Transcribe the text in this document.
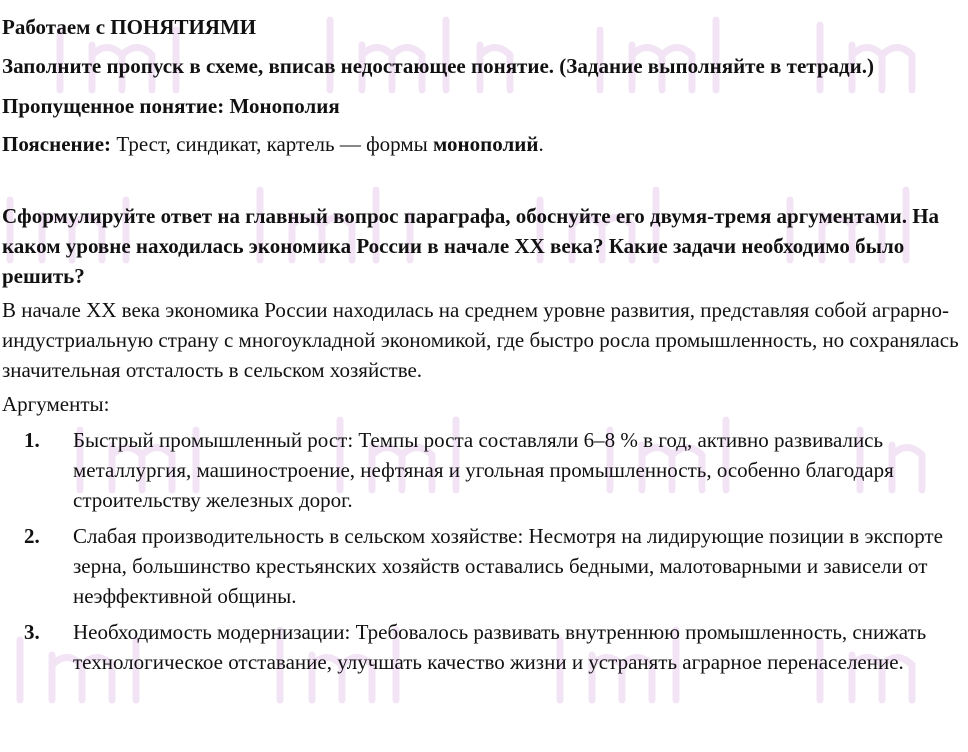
Работаем с ПОНЯТИЯМИ

Заполните пропуск в схеме, вписав недостающее понятие. (Задание выполняйте в тетради.)

Пропущенное понятие: Монополия

Пояснение: Трест, синдикат, картель — формы монополий.

Сформулируйте ответ на главный вопрос параграфа, обоснуйте его двумя-тремя аргументами. На каком уровне находилась экономика России в начале XX века? Какие задачи необходимо было решить?

В начале XX века экономика России находилась на среднем уровне развития, представляя собой аграрно-индустриальную страну с многоукладной экономикой, где быстро росла промышленность, но сохранялась значительная отсталость в сельском хозяйстве.

Аргументы:

1. Быстрый промышленный рост: Темпы роста составляли 6–8 % в год, активно развивались металлургия, машиностроение, нефтяная и угольная промышленность, особенно благодаря строительству железных дорог.
2. Слабая производительность в сельском хозяйстве: Несмотря на лидирующие позиции в экспорте зерна, большинство крестьянских хозяйств оставались бедными, малотоварными и зависели от неэффективной общины.
3. Необходимость модернизации: Требовалось развивать внутреннюю промышленность, снижать технологическое отставание, улучшать качество жизни и устранять аграрное перенаселение.
